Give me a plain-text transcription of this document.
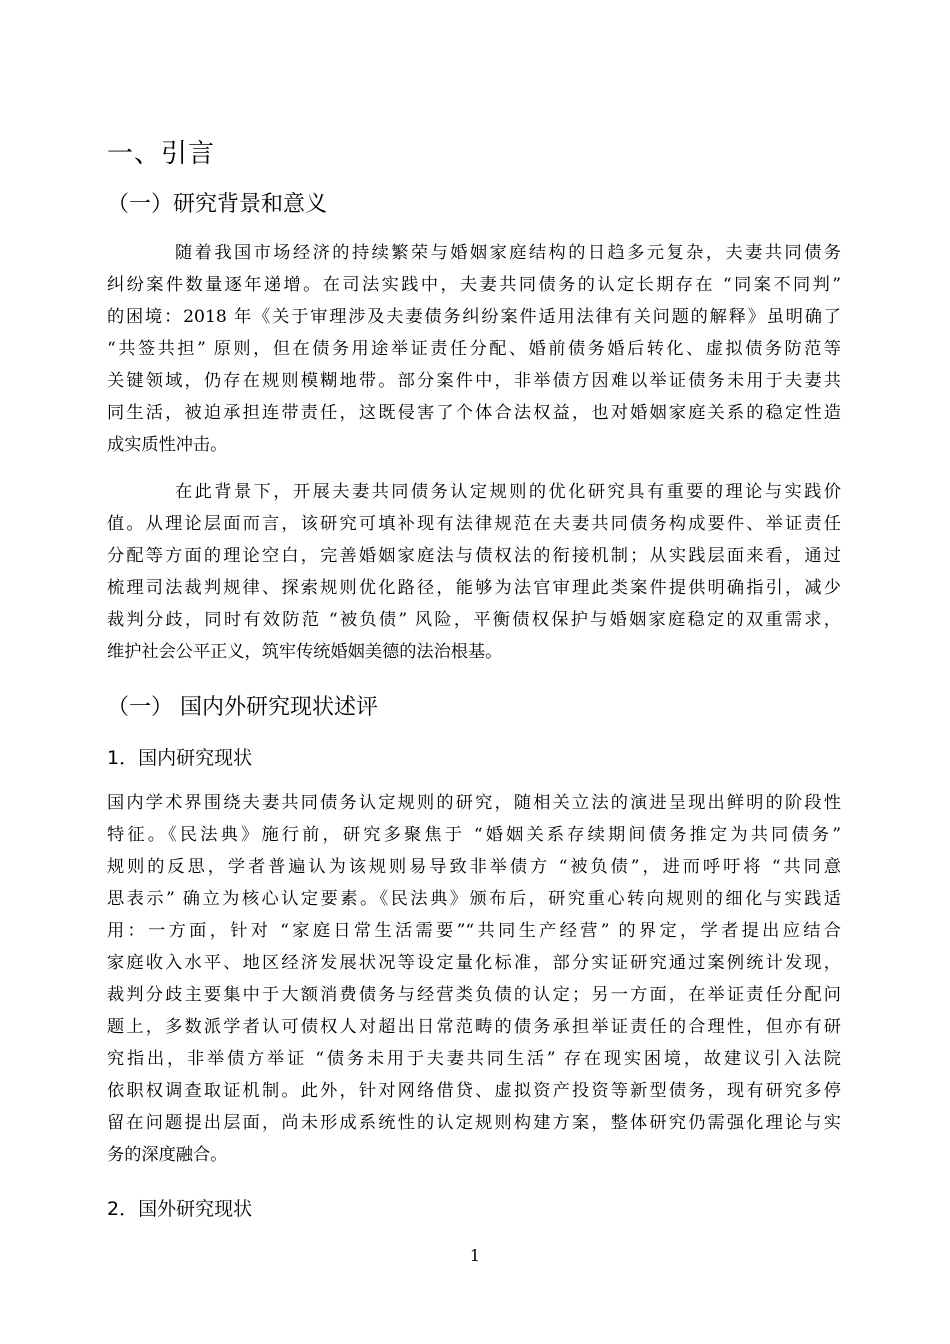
一、引言
（一）研究背景和意义
随着我国市场经济的持续繁荣与婚姻家庭结构的日趋多元复杂，夫妻共同债务
纠纷案件数量逐年递增。在司法实践中，夫妻共同债务的认定长期存在 “同案不同判”
的困境：2018 年《关于审理涉及夫妻债务纠纷案件适用法律有关问题的解释》虽明确了
“共签共担” 原则，但在债务用途举证责任分配、婚前债务婚后转化、虚拟债务防范等
关键领域，仍存在规则模糊地带。部分案件中，非举债方因难以举证债务未用于夫妻共
同生活，被迫承担连带责任，这既侵害了个体合法权益，也对婚姻家庭关系的稳定性造
成实质性冲击。
在此背景下，开展夫妻共同债务认定规则的优化研究具有重要的理论与实践价
值。从理论层面而言，该研究可填补现有法律规范在夫妻共同债务构成要件、举证责任
分配等方面的理论空白，完善婚姻家庭法与债权法的衔接机制；从实践层面来看，通过
梳理司法裁判规律、探索规则优化路径，能够为法官审理此类案件提供明确指引，减少
裁判分歧，同时有效防范 “被负债” 风险，平衡债权保护与婚姻家庭稳定的双重需求，
维护社会公平正义，筑牢传统婚姻美德的法治根基。
（一） 国内外研究现状述评
1．国内研究现状
国内学术界围绕夫妻共同债务认定规则的研究，随相关立法的演进呈现出鲜明的阶段性
特征。《民法典》施行前，研究多聚焦于 “婚姻关系存续期间债务推定为共同债务”
规则的反思，学者普遍认为该规则易导致非举债方 “被负债”，进而呼吁将 “共同意
思表示” 确立为核心认定要素。《民法典》颁布后，研究重心转向规则的细化与实践适
用：一方面，针对 “家庭日常生活需要”“共同生产经营” 的界定，学者提出应结合
家庭收入水平、地区经济发展状况等设定量化标准，部分实证研究通过案例统计发现，
裁判分歧主要集中于大额消费债务与经营类负债的认定；另一方面，在举证责任分配问
题上，多数派学者认可债权人对超出日常范畴的债务承担举证责任的合理性，但亦有研
究指出，非举债方举证 “债务未用于夫妻共同生活” 存在现实困境，故建议引入法院
依职权调查取证机制。此外，针对网络借贷、虚拟资产投资等新型债务，现有研究多停
留在问题提出层面，尚未形成系统性的认定规则构建方案，整体研究仍需强化理论与实
务的深度融合。
2．国外研究现状
1
